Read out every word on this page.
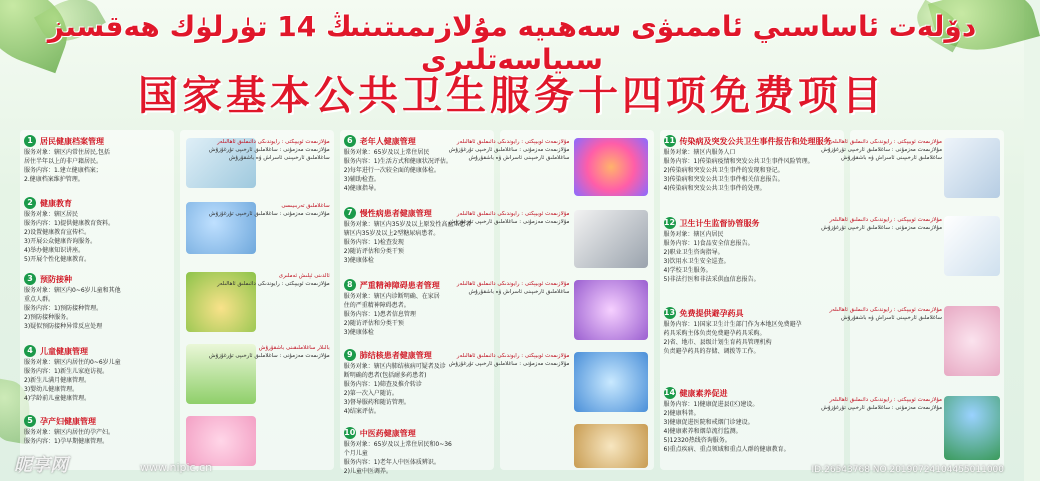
دۆلەت ئاساسىي ئاممىۋى سەھىيە مۇلازىمىتىنىڭ 14 تۈرلۈك ھەقسىز سىياسەتلىرى
国家基本公共卫生服务十四项免费项目
1 居民健康档案管理
服务对象：辖区内常住居民,包括
居住半年以上的非户籍居民。
服务内容：1.建立健康档案；
2.健康档案维护管理。
2 健康教育
服务对象：辖区居民
服务内容：1)提供健康教育资料。
2)设置健康教育宣传栏。
3)开展公众健康咨询服务。
4)举办健康知识讲座。
5)开展个性化健康教育。
3 预防接种
服务对象：辖区内0~6岁儿童和其他
重点人群。
服务内容：1)预防接种管理。
2)预防接种服务。
3)疑似预防接种异常反应处理
4 儿童健康管理
服务对象：辖区内居住的0~6岁儿童
服务内容：1)新生儿家庭访视。
2)新生儿满月健康管理。
3)婴幼儿健康管理。
4)学龄前儿童健康管理。
5 孕产妇健康管理
服务对象：辖区内居住的孕产妇。
服务内容：1)孕早期健康管理。
مۇلازىمەت ئوبيېكتى : رايوندىكى دائىملىق ئاھالىلەر
مۇلازىمەت مەزمۇنى : ساغلاملىق ئارخىپى تۇرغۇزۇش
ساغلاملىق ئارخىپىنى ئاسراش ۋە باشقۇرۇش
ساغلاملىق تەربىيىسى
مۇلازىمەت مەزمۇنى : ساغلاملىق ئارخىپى تۇرغۇزۇش
ئالدىنى ئېلىش ئەملىرى
مۇلازىمەت ئوبيېكتى : رايوندىكى دائىملىق ئاھالىلەر
بالىلار ساغلاملىقىنى باشقۇرۇش
مۇلازىمەت مەزمۇنى : ساغلاملىق ئارخىپى تۇرغۇزۇش
6 老年人健康管理
服务对象：65岁及以上常住居民
服务内容：1)生活方式和健康状况评估。
2)每年进行一次较全面的健康体检。
3)辅助检查。
4)健康指导。
7 慢性病患者健康管理
服务对象：辖区内35岁及以上原发性高血压患者
辖区内35岁及以上2型糖尿病患者。
服务内容：1)检查发现
2)随访评估和分类干预
3)健康体检
8 严重精神障碍患者管理
服务对象：辖区内诊断明确、在家居
住的严重精神障碍患者。
服务内容：1)患者信息管理
2)随访评估和分类干预
3)健康体检
9 肺结核患者健康管理
服务对象：辖区内肺结核病可疑者及诊
断明确的患者(包括耐多药患者)
服务内容：1)筛查及推介转诊
2)第一次入户随访。
3)督导服药和随访管理。
4)结案评估。
10 中医药健康管理
服务对象：65岁及以上常住居民和0~36
个月儿童
服务内容：1)老年人中医体质辨识。
2)儿童中医调养。
مۇلازىمەت ئوبيېكتى : رايوندىكى دائىملىق ئاھالىلەر
مۇلازىمەت مەزمۇنى : ساغلاملىق ئارخىپى تۇرغۇزۇش
ساغلاملىق ئارخىپىنى ئاسراش ۋە باشقۇرۇش
مۇلازىمەت ئوبيېكتى : رايوندىكى دائىملىق ئاھالىلەر
مۇلازىمەت مەزمۇنى : ساغلاملىق ئارخىپى تۇرغۇزۇش
مۇلازىمەت ئوبيېكتى : رايوندىكى دائىملىق ئاھالىلەر
ساغلاملىق ئارخىپىنى ئاسراش ۋە باشقۇرۇش
مۇلازىمەت ئوبيېكتى : رايوندىكى دائىملىق ئاھالىلەر
مۇلازىمەت مەزمۇنى : ساغلاملىق ئارخىپى تۇرغۇزۇش
11 传染病及突发公共卫生事件报告和处理服务
服务对象：辖区内服务人口
服务内容：1)传染病疫情和突发公共卫生事件风险管理。
2)传染病和突发公共卫生事件的发现和登记。
3)传染病和突发公共卫生事件相关信息报告。
4)传染病和突发公共卫生事件的处理。
12 卫生计生监督协管服务
服务对象：辖区内居民
服务内容：1)食品安全信息报告。
2)职业卫生咨询指导。
3)饮用水卫生安全巡查。
4)学校卫生服务。
5)非法行医和非法采供血信息报告。
13 免费提供避孕药具
服务内容：1)国家卫生计生部门作为本地区免费避孕
药具采购主体负责免费避孕药具采购。
2)省、地市、县级计划生育药具管理机构
负责避孕药具的存储、调拨等工作。
14 健康素养促进
服务内容：1)健康促进县(区)建设。
2)健康科普。
3)健康促进医院和戒烟门诊建设。
4)健康素养和烟草流行监测。
5)12320热线咨询服务。
6)重点疾病、重点领域和重点人群的健康教育。
مۇلازىمەت ئوبيېكتى : رايوندىكى دائىملىق ئاھالىلەر
مۇلازىمەت مەزمۇنى : ساغلاملىق ئارخىپى تۇرغۇزۇش
ساغلاملىق ئارخىپىنى ئاسراش ۋە باشقۇرۇش
مۇلازىمەت ئوبيېكتى : رايوندىكى دائىملىق ئاھالىلەر
مۇلازىمەت مەزمۇنى : ساغلاملىق ئارخىپى تۇرغۇزۇش
مۇلازىمەت ئوبيېكتى : رايوندىكى دائىملىق ئاھالىلەر
ساغلاملىق ئارخىپىنى ئاسراش ۋە باشقۇرۇش
مۇلازىمەت ئوبيېكتى : رايوندىكى دائىملىق ئاھالىلەر
مۇلازىمەت مەزمۇنى : ساغلاملىق ئارخىپى تۇرغۇزۇش
昵享网	www.nipic.cn	ID:26543768 NO:20190724104455011000
